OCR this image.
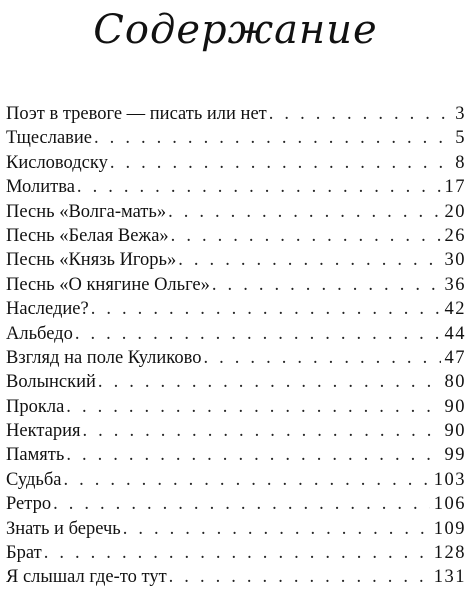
Содержание
Поэт в тревоге — писать или нет . . .	3
Тщеславие . . .	5
Кисловодску . . .	8
Молитва . . .	17
Песнь «Волга-мать» . . .	20
Песнь «Белая Вежа» . . .	26
Песнь «Князь Игорь» . . .	30
Песнь «О княгине Ольге» . . .	36
Наследие? . . .	42
Альбедо . . .	44
Взгляд на поле Куликово . . .	47
Волынский . . .	80
Прокла . . .	90
Нектария . . .	90
Память . . .	99
Судьба . . .	103
Ретро . . .	106
Знать и беречь . . .	109
Брат . . .	128
Я слышал где-то тут . . .	131
